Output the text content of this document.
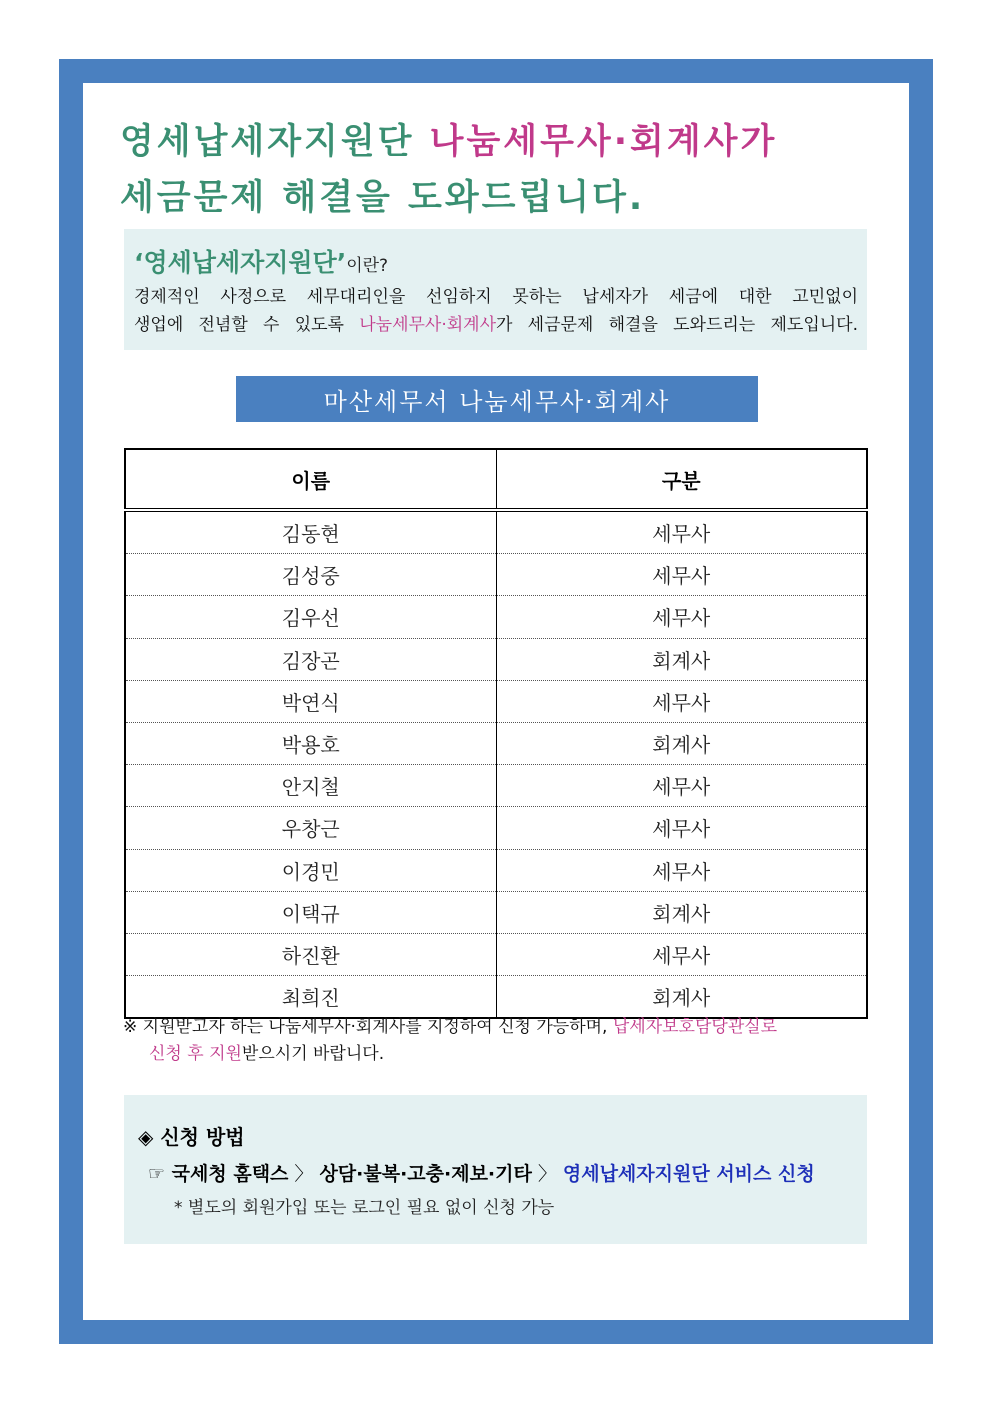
영세납세자지원단 나눔세무사·회계사가
세금문제 해결을 도와드립니다.
‘영세납세자지원단’이란?
경제적인 사정으로 세무대리인을 선임하지 못하는 납세자가 세금에 대한 고민없이
생업에 전념할 수 있도록 나눔세무사·회계사가 세금문제 해결을 도와드리는 제도입니다.
마산세무서 나눔세무사·회계사
이름	구분
김동현	세무사
김성중	세무사
김우선	세무사
김장곤	회계사
박연식	세무사
박용호	회계사
안지철	세무사
우창근	세무사
이경민	세무사
이택규	회계사
하진환	세무사
최희진	회계사
※ 지원받고자 하는 나눔세무사·회계사를 지정하여 신청 가능하며, 납세자보호담당관실로
신청 후 지원받으시기 바랍니다.
◈ 신청 방법
☞ 국세청 홈택스 〉 상담·불복·고충·제보·기타 〉 영세납세자지원단 서비스 신청
* 별도의 회원가입 또는 로그인 필요 없이 신청 가능
